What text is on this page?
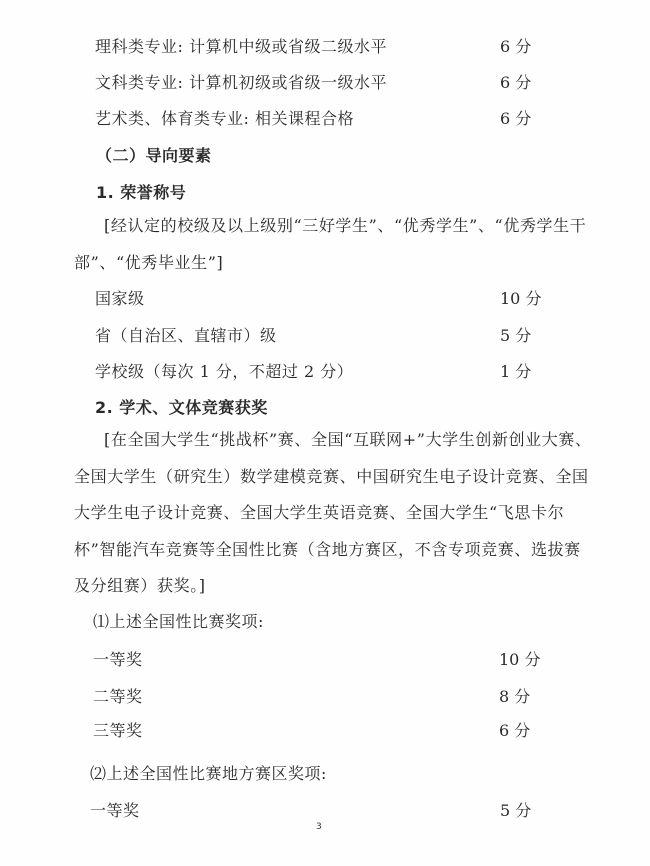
理科类专业: 计算机中级或省级二级水平	6 分
文科类专业: 计算机初级或省级一级水平	6 分
艺术类、体育类专业: 相关课程合格	6 分
（二）导向要素
1. 荣誉称号
[经认定的校级及以上级别“三好学生”、“优秀学生”、“优秀学生干部”、“优秀毕业生”]
国家级	10 分
省（自治区、直辖市）级	5 分
学校级（每次 1 分，不超过 2 分）	1 分
2. 学术、文体竞赛获奖
[在全国大学生“挑战杯”赛、全国“互联网+”大学生创新创业大赛、全国大学生（研究生）数学建模竞赛、中国研究生电子设计竞赛、全国大学生电子设计竞赛、全国大学生英语竞赛、全国大学生“飞思卡尔杯”智能汽车竞赛等全国性比赛（含地方赛区，不含专项竞赛、选拔赛及分组赛）获奖。]
⑴上述全国性比赛奖项:
一等奖	10 分
二等奖	8 分
三等奖	6 分
⑵上述全国性比赛地方赛区奖项:
一等奖	5 分
3
